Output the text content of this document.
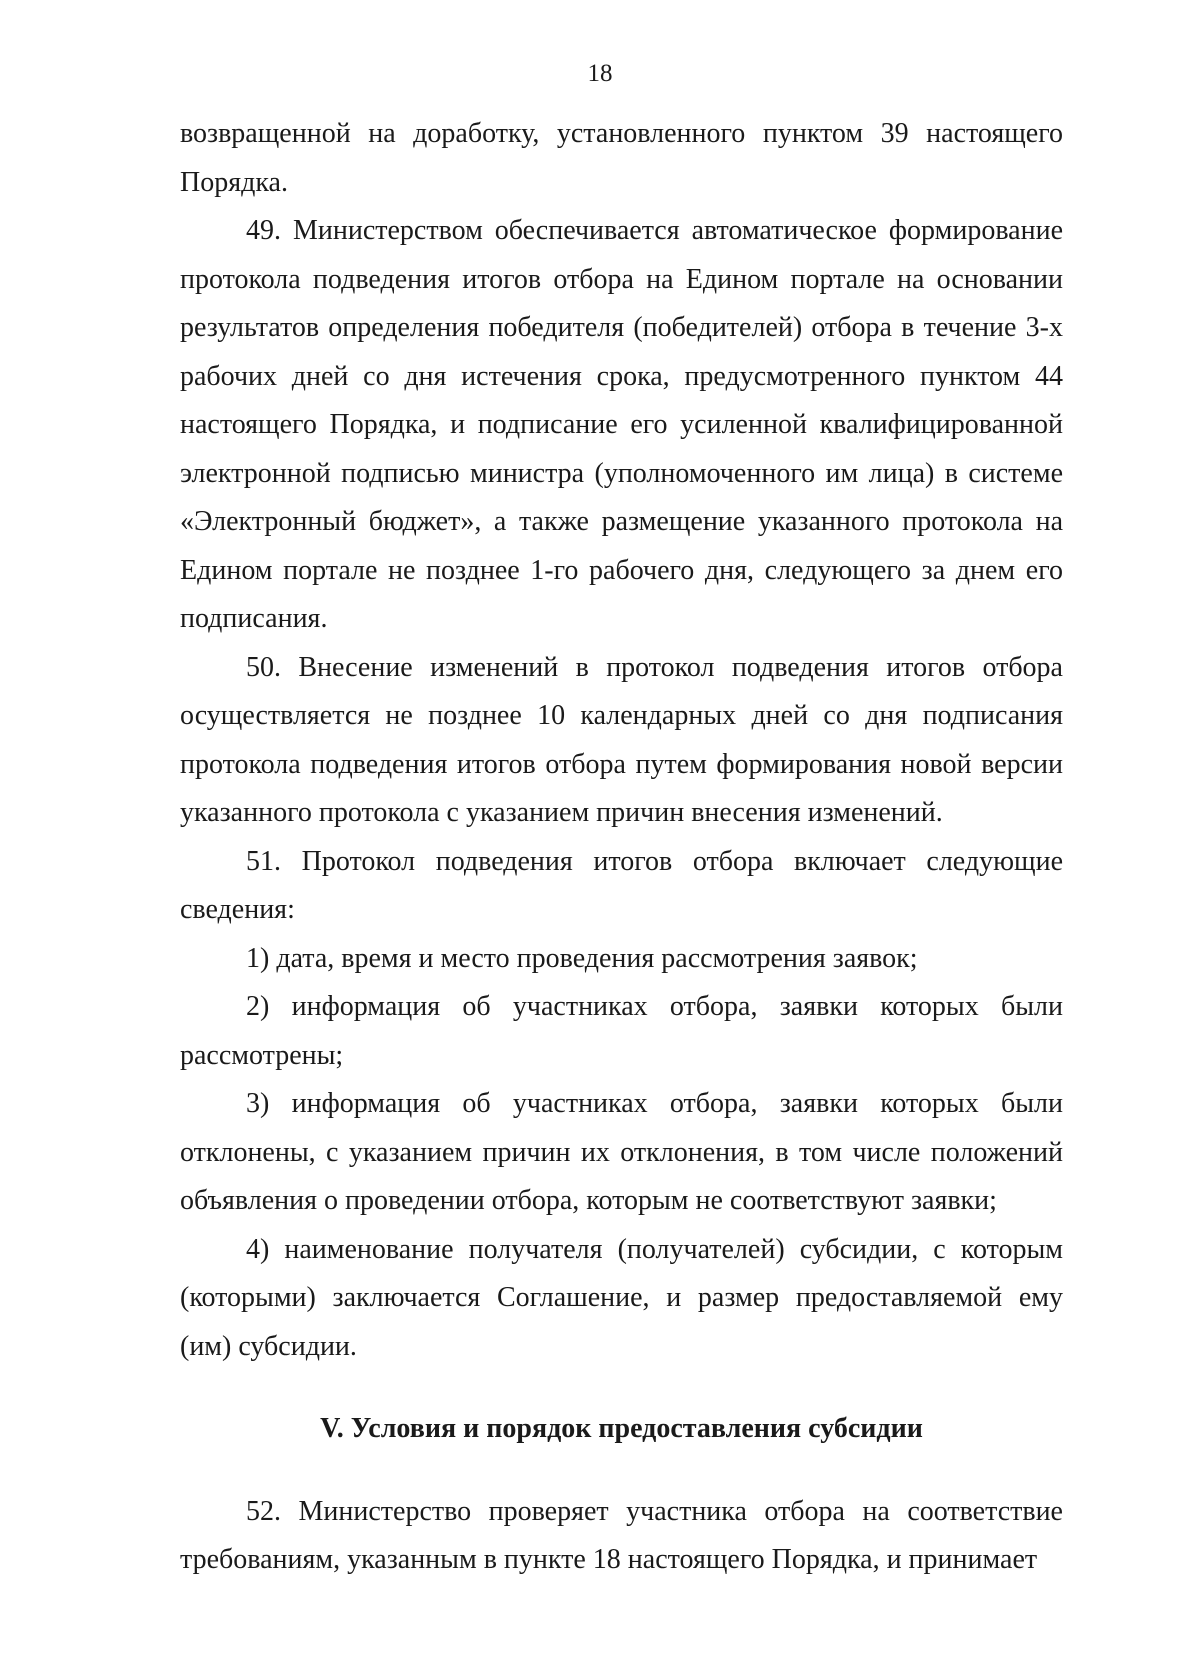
18

возвращенной на доработку, установленного пунктом 39 настоящего Порядка.

49. Министерством обеспечивается автоматическое формирование протокола подведения итогов отбора на Едином портале на основании результатов определения победителя (победителей) отбора в течение 3-х рабочих дней со дня истечения срока, предусмотренного пунктом 44 настоящего Порядка, и подписание его усиленной квалифицированной электронной подписью министра (уполномоченного им лица) в системе «Электронный бюджет», а также размещение указанного протокола на Едином портале не позднее 1-го рабочего дня, следующего за днем его подписания.

50. Внесение изменений в протокол подведения итогов отбора осуществляется не позднее 10 календарных дней со дня подписания протокола подведения итогов отбора путем формирования новой версии указанного протокола с указанием причин внесения изменений.

51. Протокол подведения итогов отбора включает следующие сведения:

1) дата, время и место проведения рассмотрения заявок;

2) информация об участниках отбора, заявки которых были рассмотрены;

3) информация об участниках отбора, заявки которых были отклонены, с указанием причин их отклонения, в том числе положений объявления о проведении отбора, которым не соответствуют заявки;

4) наименование получателя (получателей) субсидии, с которым (которыми) заключается Соглашение, и размер предоставляемой ему (им) субсидии.

V. Условия и порядок предоставления субсидии

52. Министерство проверяет участника отбора на соответствие требованиям, указанным в пункте 18 настоящего Порядка, и принимает
